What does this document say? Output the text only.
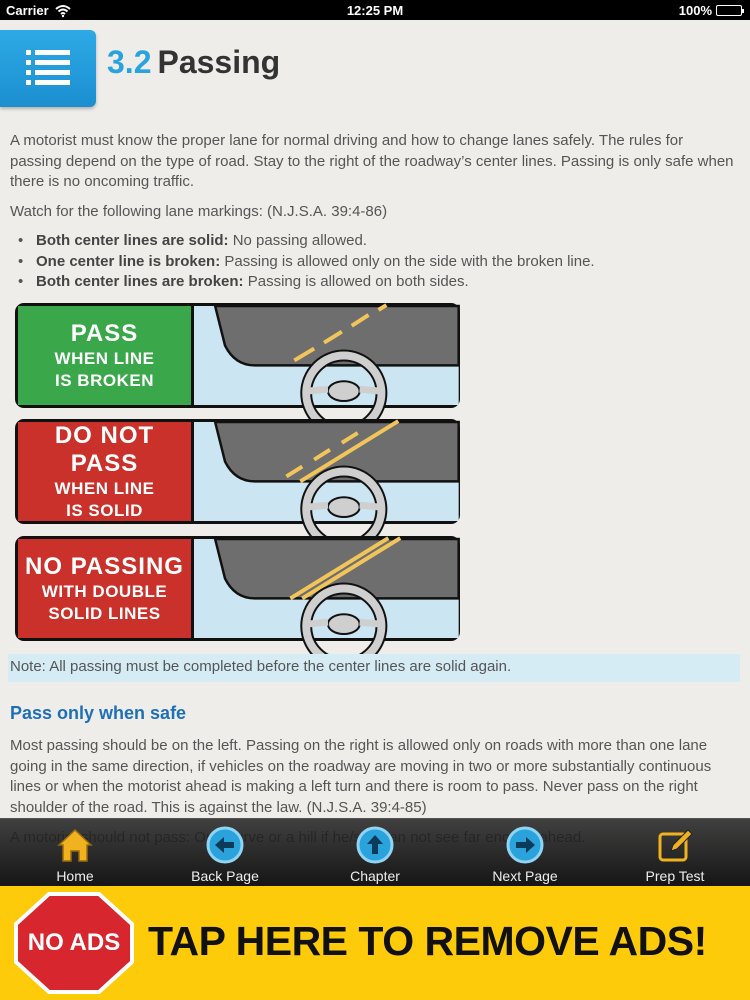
Carrier	12:25 PM	100%
3.2 Passing

A motorist must know the proper lane for normal driving and how to change lanes safely. The rules for passing depend on the type of road. Stay to the right of the roadway’s center lines. Passing is only safe when there is no oncoming traffic.

Watch for the following lane markings: (N.J.S.A. 39:4-86)

• Both center lines are solid: No passing allowed.
• One center line is broken: Passing is allowed only on the side with the broken line.
• Both center lines are broken: Passing is allowed on both sides.
PASS
WHEN LINE
IS BROKEN
DO NOT PASS
WHEN LINE
IS SOLID
NO PASSING
WITH DOUBLE
SOLID LINES
Note: All passing must be completed before the center lines are solid again.
Pass only when safe

Most passing should be on the left. Passing on the right is allowed only on roads with more than one lane going in the same direction, if vehicles on the roadway are moving in two or more substantially continuous lines or when the motorist ahead is making a left turn and there is room to pass. Never pass on the right shoulder of the road. This is against the law. (N.J.S.A. 39:4-85)

Home	Back Page	Chapter	Next Page	Prep Test
NO ADS TAP HERE TO REMOVE ADS!
